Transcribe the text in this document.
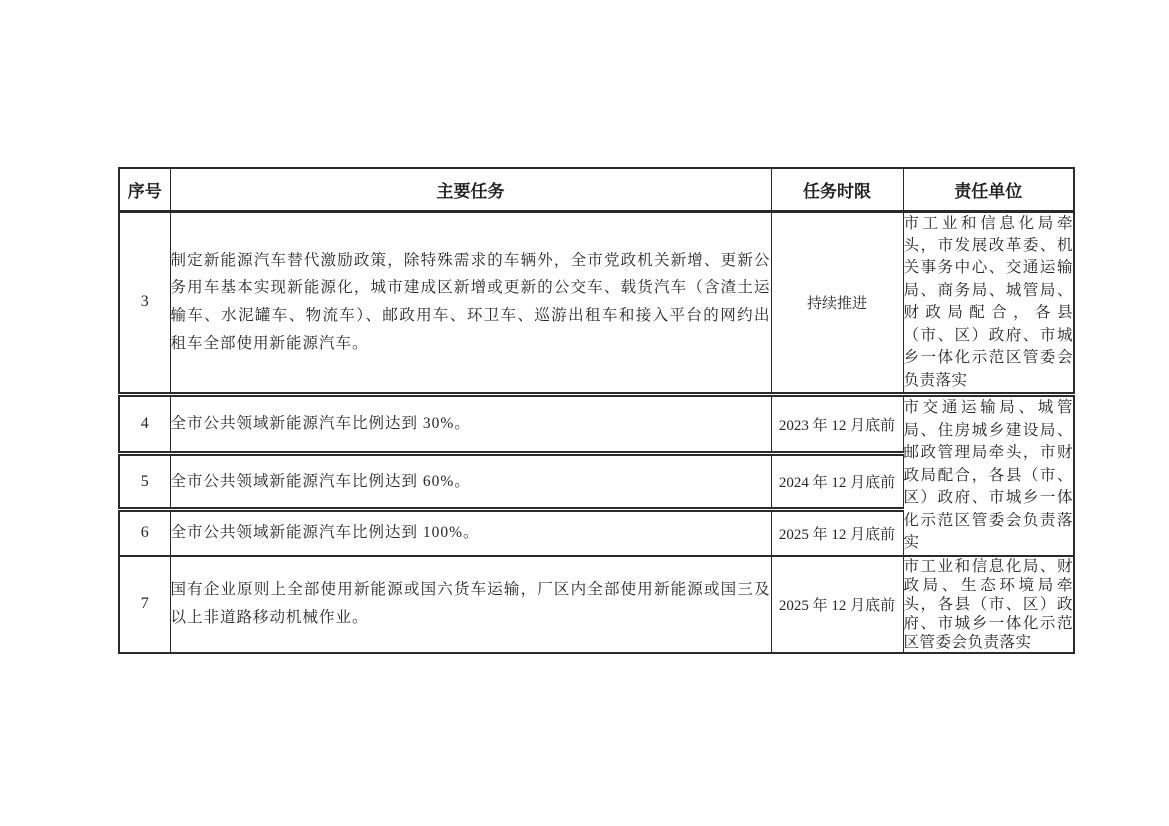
序号	主要任务	任务时限	责任单位
3	制定新能源汽车替代激励政策，除特殊需求的车辆外，全市党政机关新增、更新公务用车基本实现新能源化，城市建成区新增或更新的公交车、载货汽车（含渣土运输车、水泥罐车、物流车）、邮政用车、环卫车、巡游出租车和接入平台的网约出租车全部使用新能源汽车。	持续推进	市工业和信息化局牵头，市发展改革委、机关事务中心、交通运输局、商务局、城管局、财政局配合，各县（市、区）政府、市城乡一体化示范区管委会负责落实
4	全市公共领域新能源汽车比例达到 30%。	2023 年 12 月底前	市交通运输局、城管局、住房城乡建设局、邮政管理局牵头，市财政局配合，各县（市、区）政府、市城乡一体化示范区管委会负责落实
5	全市公共领域新能源汽车比例达到 60%。	2024 年 12 月底前	
6	全市公共领域新能源汽车比例达到 100%。	2025 年 12 月底前	
7	国有企业原则上全部使用新能源或国六货车运输，厂区内全部使用新能源或国三及以上非道路移动机械作业。	2025 年 12 月底前	市工业和信息化局、财政局、生态环境局牵头，各县（市、区）政府、市城乡一体化示范区管委会负责落实
